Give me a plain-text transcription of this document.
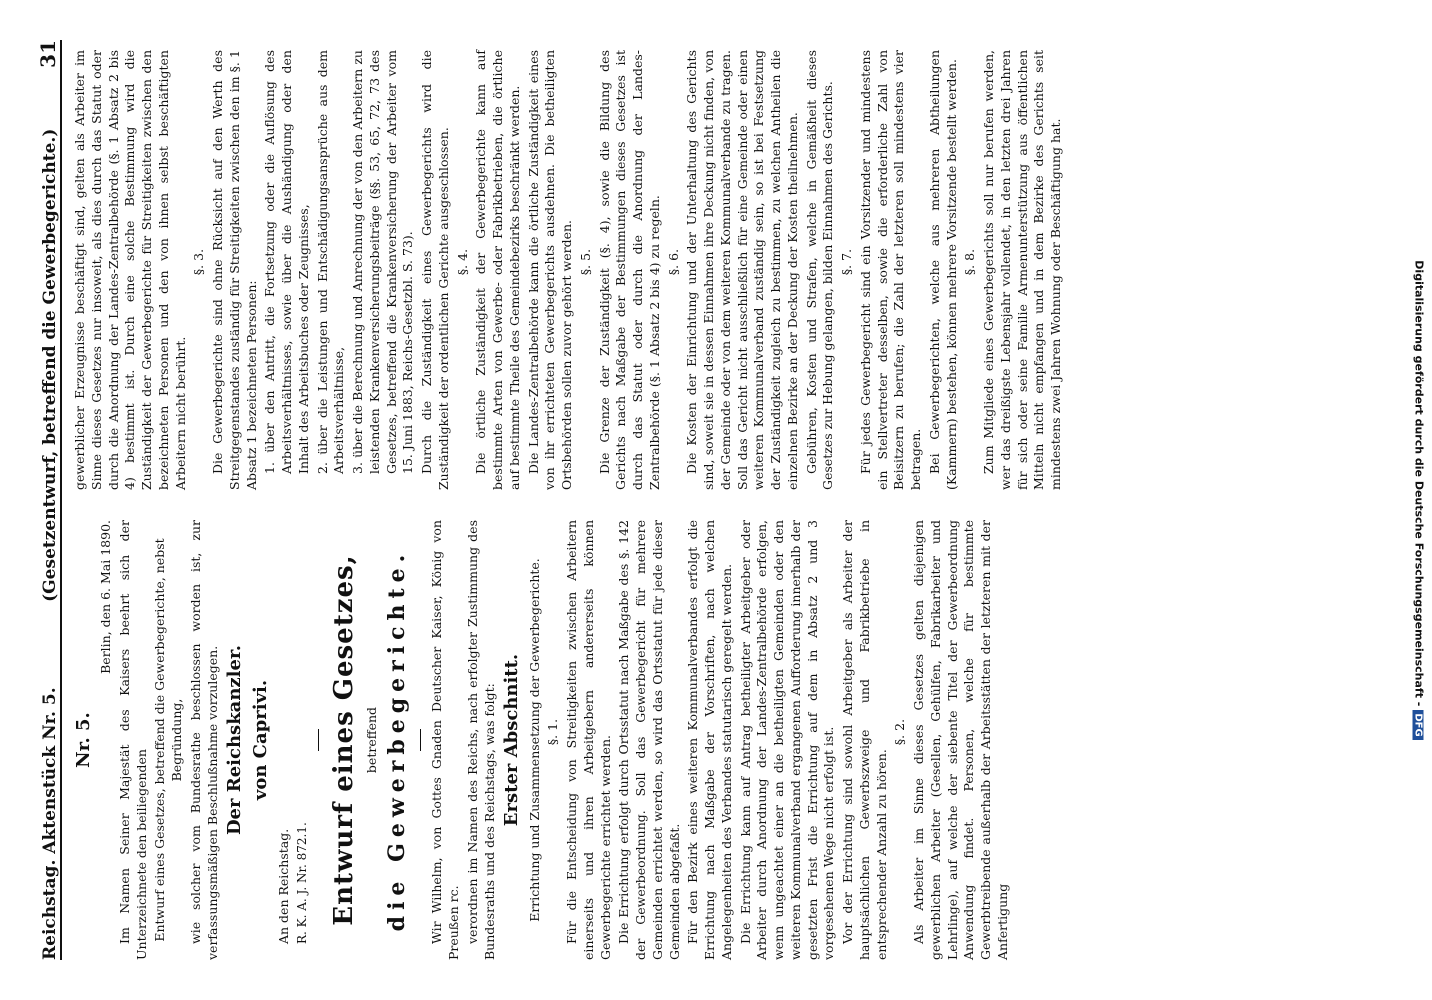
Reichstag. Aktenstück Nr. 5.
(Gesetzentwurf, betreffend die Gewerbegerichte.)
31

Nr. 5.

Berlin, den 6. Mai 1890. Im Namen Seiner Majestät des Kaisers beehrt sich der Unterzeichnete den beiliegenden Entwurf eines Gesetzes, betreffend die Gewerbegerichte, nebst Begründung, wie solcher vom Bundesrathe beschlossen worden ist, zur verfassungsmäßigen Beschlußnahme vorzulegen. Der Reichskanzler. von Caprivi.

An den Reichstag. R. K. A. J. Nr. 872.1. Entwurf eines Gesetzes, betreffend die Gewerbegerichte. Wir Wilhelm, von Gottes Gnaden Deutscher Kaiser, König von Preußen rc. verordnen im Namen des Reichs, nach erfolgter Zustimmung des Bundesraths und des Reichstags, was folgt: Erster Abschnitt. Errichtung und Zusammensetzung der Gewerbegerichte. §. 1. Für die Entscheidung von Streitigkeiten zwischen Arbeitern einerseits und ihren Arbeitgebern andererseits können Gewerbegerichte errichtet werden. Die Errichtung erfolgt durch Ortsstatut nach Maßgabe des §. 142 der Gewerbeordnung. Soll das Gewerbegericht für mehrere Gemeinden errichtet werden, so wird das Ortsstatut für jede dieser Gemeinden abgefaßt. Für den Bezirk eines weiteren Kommunalverbandes erfolgt die Errichtung nach Maßgabe der Vorschriften, nach welchen Angelegenheiten des Verbandes statutarisch geregelt werden. Die Errichtung kann auf Antrag betheiligter Arbeitgeber oder Arbeiter durch Anordnung der Landes-Zentralbehörde erfolgen, wenn ungeachtet einer an die betheiligten Gemeinden oder den weiteren Kommunalverband ergangenen Aufforderung innerhalb der gesetzten Frist die Errichtung auf dem in Absatz 2 und 3 vorgesehenen Wege nicht erfolgt ist. Vor der Errichtung sind sowohl Arbeitgeber als Arbeiter der hauptsächlichen Gewerbszweige und Fabrikbetriebe in entsprechender Anzahl zu hören.

§. 2. Als Arbeiter im Sinne dieses Gesetzes gelten diejenigen gewerblichen Arbeiter (Gesellen, Gehülfen, Fabrikarbeiter und Lehrlinge), auf welche der siebente Titel der Gewerbeordnung Anwendung findet. Personen, welche für bestimmte Gewerbtreibende außerhalb der Arbeitsstätten der letzteren mit der Anfertigung

gewerblicher Erzeugnisse beschäftigt sind, gelten als Arbeiter im Sinne dieses Gesetzes nur insoweit, als dies durch das Statut oder durch die Anordnung der Landes-Zentralbehörde (§. 1 Absatz 2 bis 4) bestimmt ist. Durch eine solche Bestimmung wird die Zuständigkeit der Gewerbegerichte für Streitigkeiten zwischen den bezeichneten Personen und den von ihnen selbst beschäftigten Arbeitern nicht berührt.

§. 3. Die Gewerbegerichte sind ohne Rücksicht auf den Werth des Streitgegenstandes zuständig für Streitigkeiten zwischen den im §. 1 Absatz 1 bezeichneten Personen: 1. über den Antritt, die Fortsetzung oder die Auflösung des Arbeitsverhältnisses, sowie über die Aushändigung oder den Inhalt des Arbeitsbuches oder Zeugnisses, 2. über die Leistungen und Entschädigungsansprüche aus dem Arbeitsverhältnisse, 3. über die Berechnung und Anrechnung der von den Arbeitern zu leistenden Krankenversicherungsbeiträge (§§. 53, 65, 72, 73 des Gesetzes, betreffend die Krankenversicherung der Arbeiter vom 15. Juni 1883, Reichs-Gesetzbl. S. 73). Durch die Zuständigkeit eines Gewerbegerichts wird die Zuständigkeit der ordentlichen Gerichte ausgeschlossen. §. 4. Die örtliche Zuständigkeit der Gewerbegerichte kann auf bestimmte Arten von Gewerbe- oder Fabrikbetrieben, die örtliche auf bestimmte Theile des Gemeindebezirks beschränkt werden. Die Landes-Zentralbehörde kann die örtliche Zuständigkeit eines von ihr errichteten Gewerbegerichts ausdehnen. Die betheiligten Ortsbehörden sollen zuvor gehört werden. §. 5. Die Grenze der Zuständigkeit (§. 4), sowie die Bildung des Gerichts nach Maßgabe der Bestimmungen dieses Gesetzes ist durch das Statut oder durch die Anordnung der Landes-Zentralbehörde (§. 1 Absatz 2 bis 4) zu regeln. §. 6. Die Kosten der Einrichtung und der Unterhaltung des Gerichts sind, soweit sie in dessen Einnahmen ihre Deckung nicht finden, von der Gemeinde oder von dem weiteren Kommunalverbande zu tragen. Soll das Gericht nicht ausschließlich für eine Gemeinde oder einen weiteren Kommunalverband zuständig sein, so ist bei Festsetzung der Zuständigkeit zugleich zu bestimmen, zu welchen Antheilen die einzelnen Bezirke an der Deckung der Kosten theilnehmen. Gebühren, Kosten und Strafen, welche in Gemäßheit dieses Gesetzes zur Hebung gelangen, bilden Einnahmen des Gerichts. §. 7. Für jedes Gewerbegericht sind ein Vorsitzender und mindestens ein Stellvertreter desselben, sowie die erforderliche Zahl von Beisitzern zu berufen; die Zahl der letzteren soll mindestens vier betragen. Bei Gewerbegerichten, welche aus mehreren Abtheilungen (Kammern) bestehen, können mehrere Vorsitzende bestellt werden. §. 8. Zum Mitgliede eines Gewerbegerichts soll nur berufen werden, wer das dreißigste Lebensjahr vollendet, in den letzten drei Jahren für sich oder seine Familie Armenunterstützung aus öffentlichen Mitteln nicht empfangen und in dem Bezirke des Gerichts seit mindestens zwei Jahren Wohnung oder Beschäftigung hat.	Digitalisierung gefördert durch die Deutsche Forschungsgemeinschaft -DFG
